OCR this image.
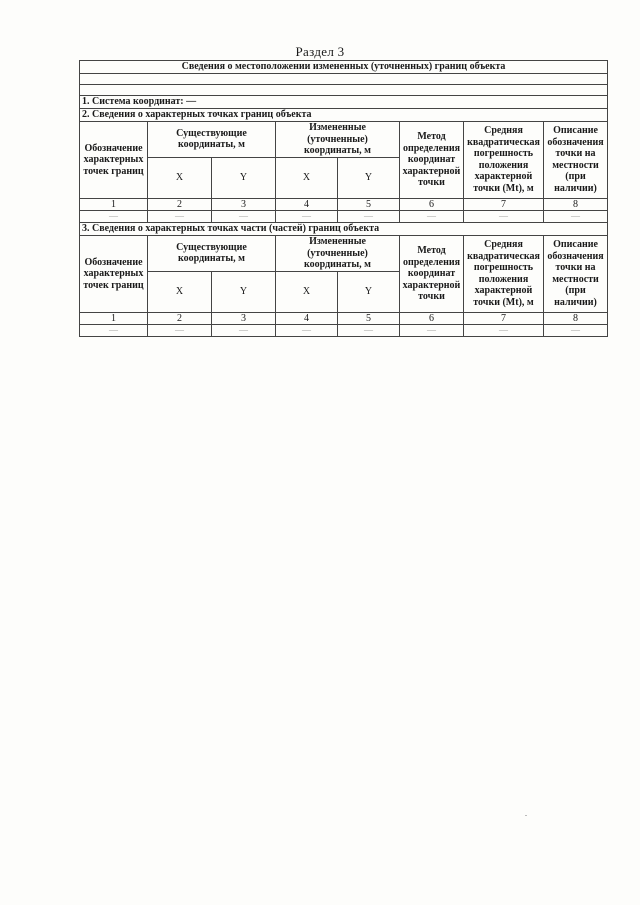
Раздел 3
Сведения о местоположении измененных (уточненных) границ объекта							

1. Система координат: —							
2. Сведения о характерных точках границ объекта							
Обозначение характерных точек границ	Существующие координаты, м		Измененные (уточненные) координаты, м		Метод определения координат характерной точки	Средняя квадратическая погрешность положения характерной точки (Mt), м	Описание обозначения точки на местности (при наличии)
	X	Y	X	Y			
1	2	3	4	5	6	7	8
—	—	—	—	—	—	—	—
3. Сведения о характерных точках части (частей) границ объекта							
Обозначение характерных точек границ	Существующие координаты, м		Измененные (уточненные) координаты, м		Метод определения координат характерной точки	Средняя квадратическая погрешность положения характерной точки (Mt), м	Описание обозначения точки на местности (при наличии)
	X	Y	X	Y			
1	2	3	4	5	6	7	8
—	—	—	—	—	—	—	—
